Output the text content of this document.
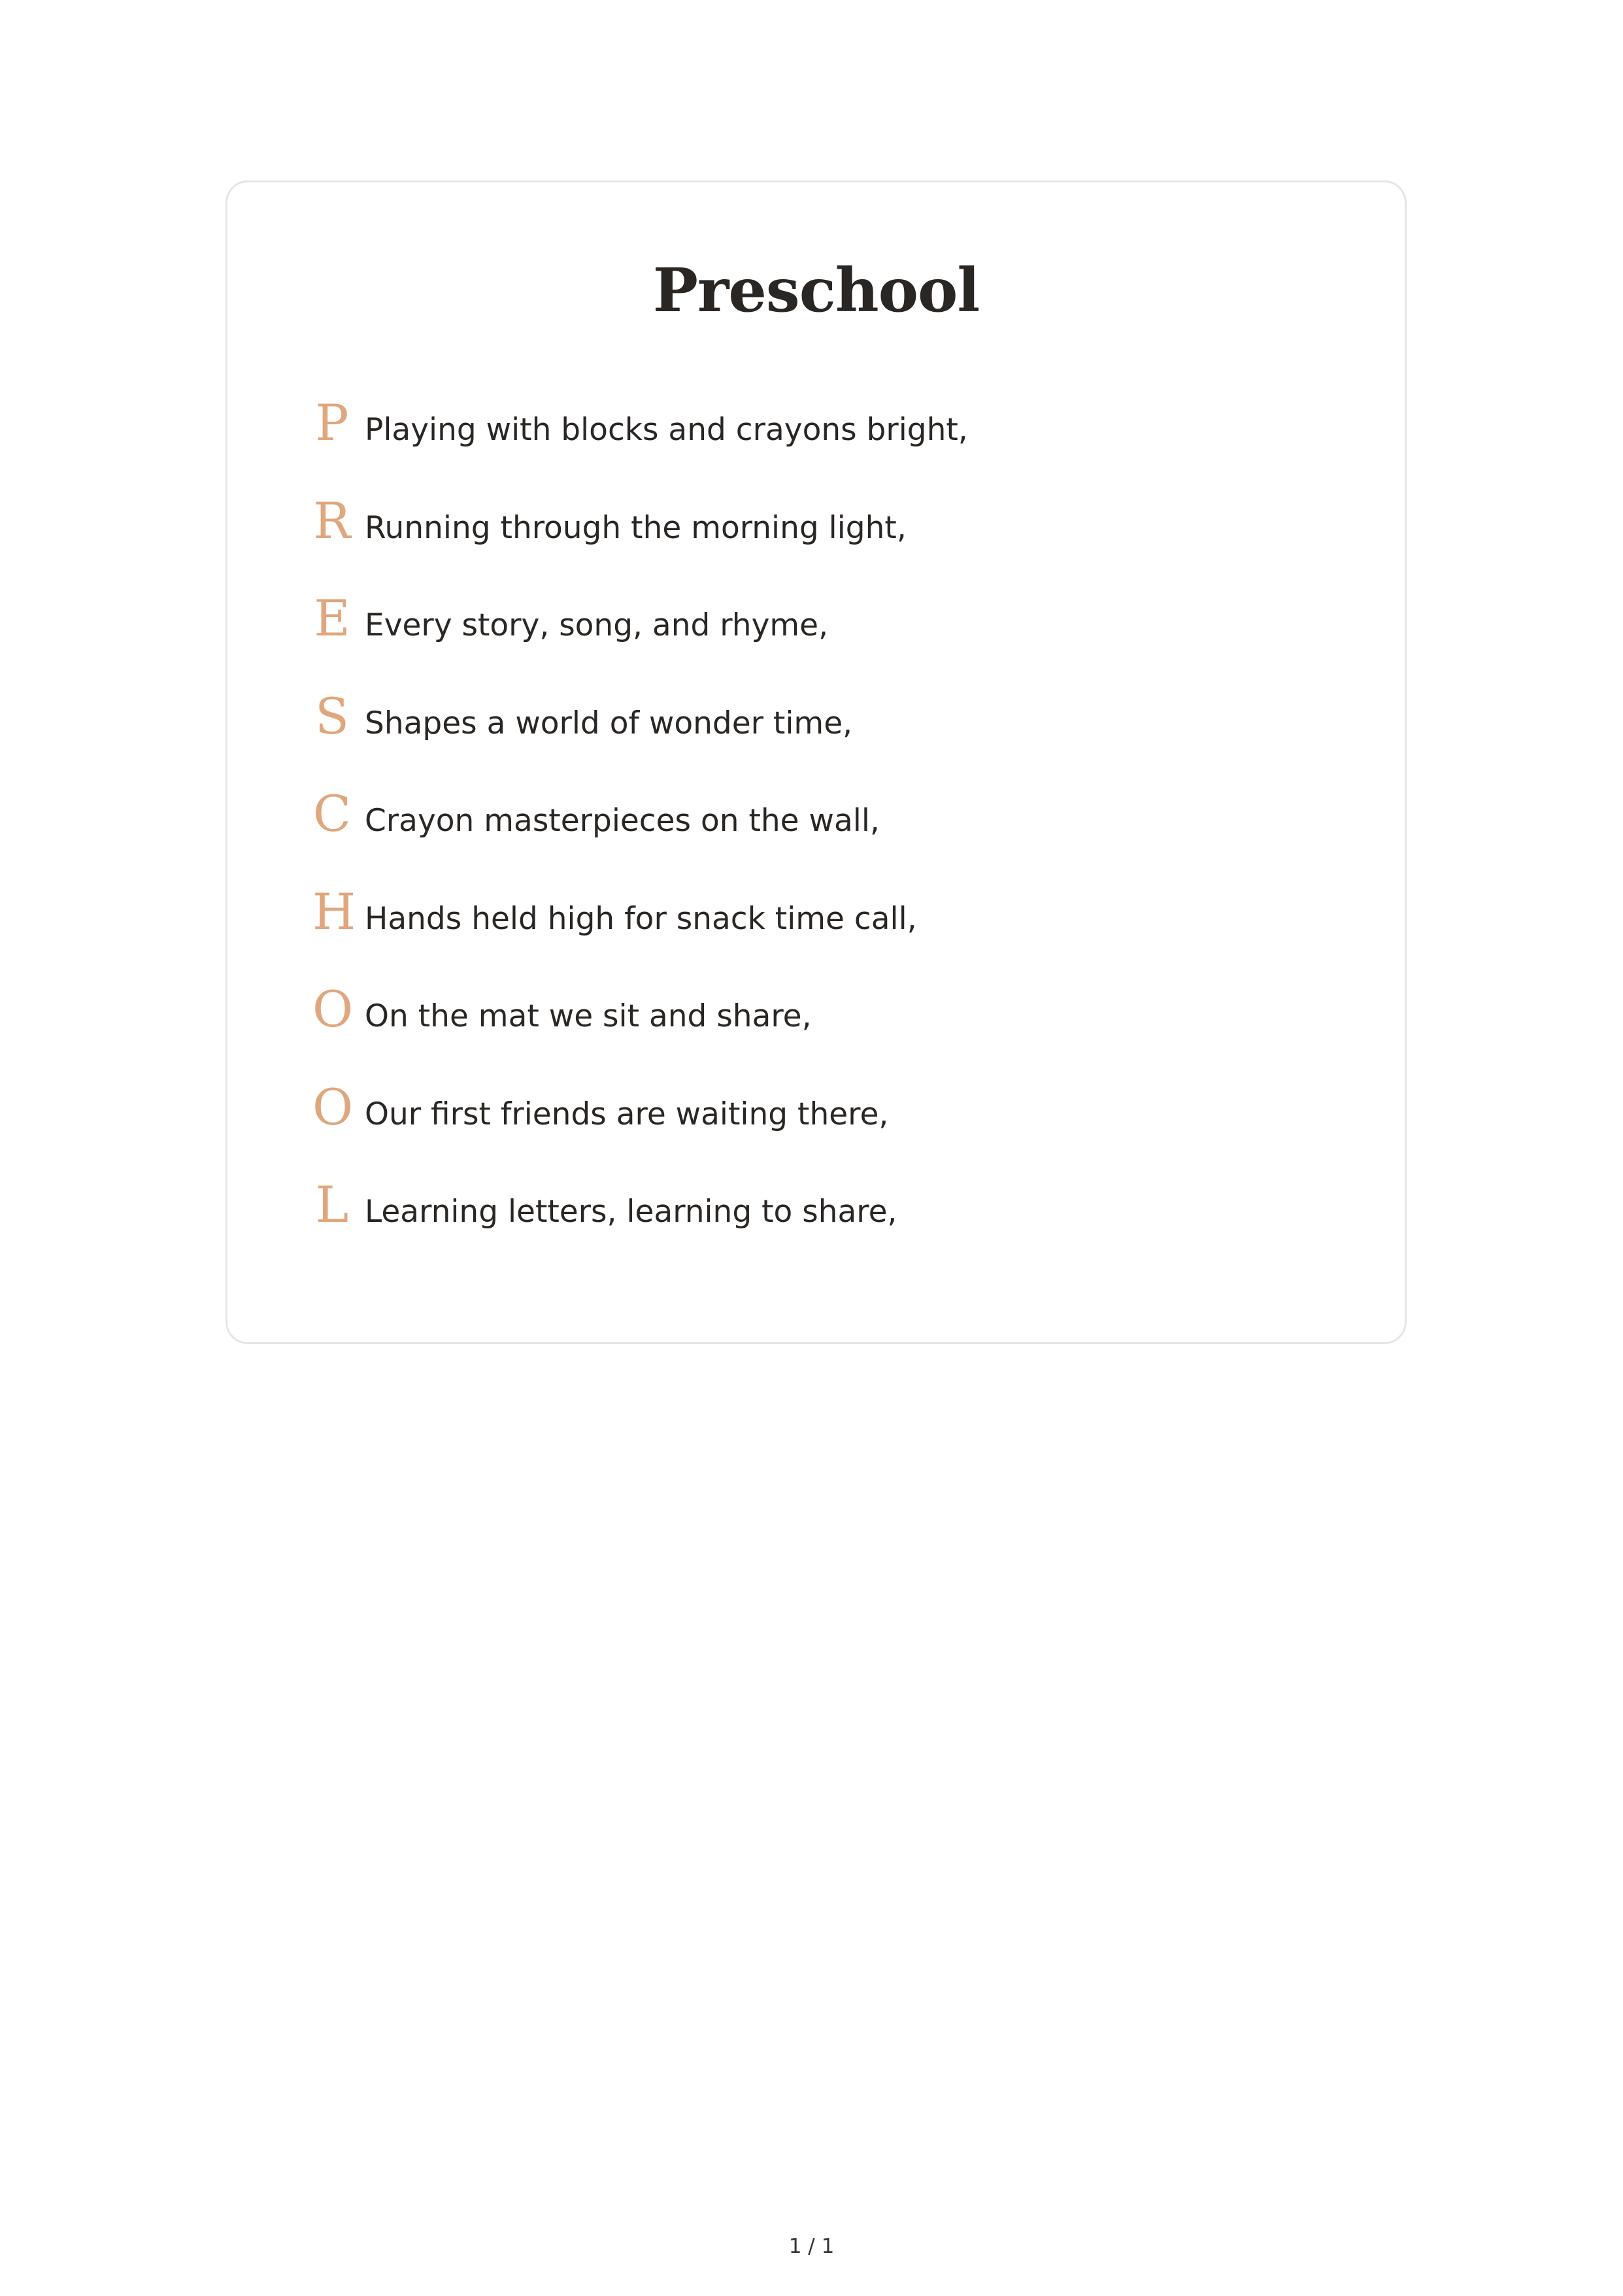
Preschool
P Playing with blocks and crayons bright,
R Running through the morning light,
E Every story, song, and rhyme,
S Shapes a world of wonder time,
C Crayon masterpieces on the wall,
H Hands held high for snack time call,
O On the mat we sit and share,
O Our first friends are waiting there,
L Learning letters, learning to share,
1 / 1
